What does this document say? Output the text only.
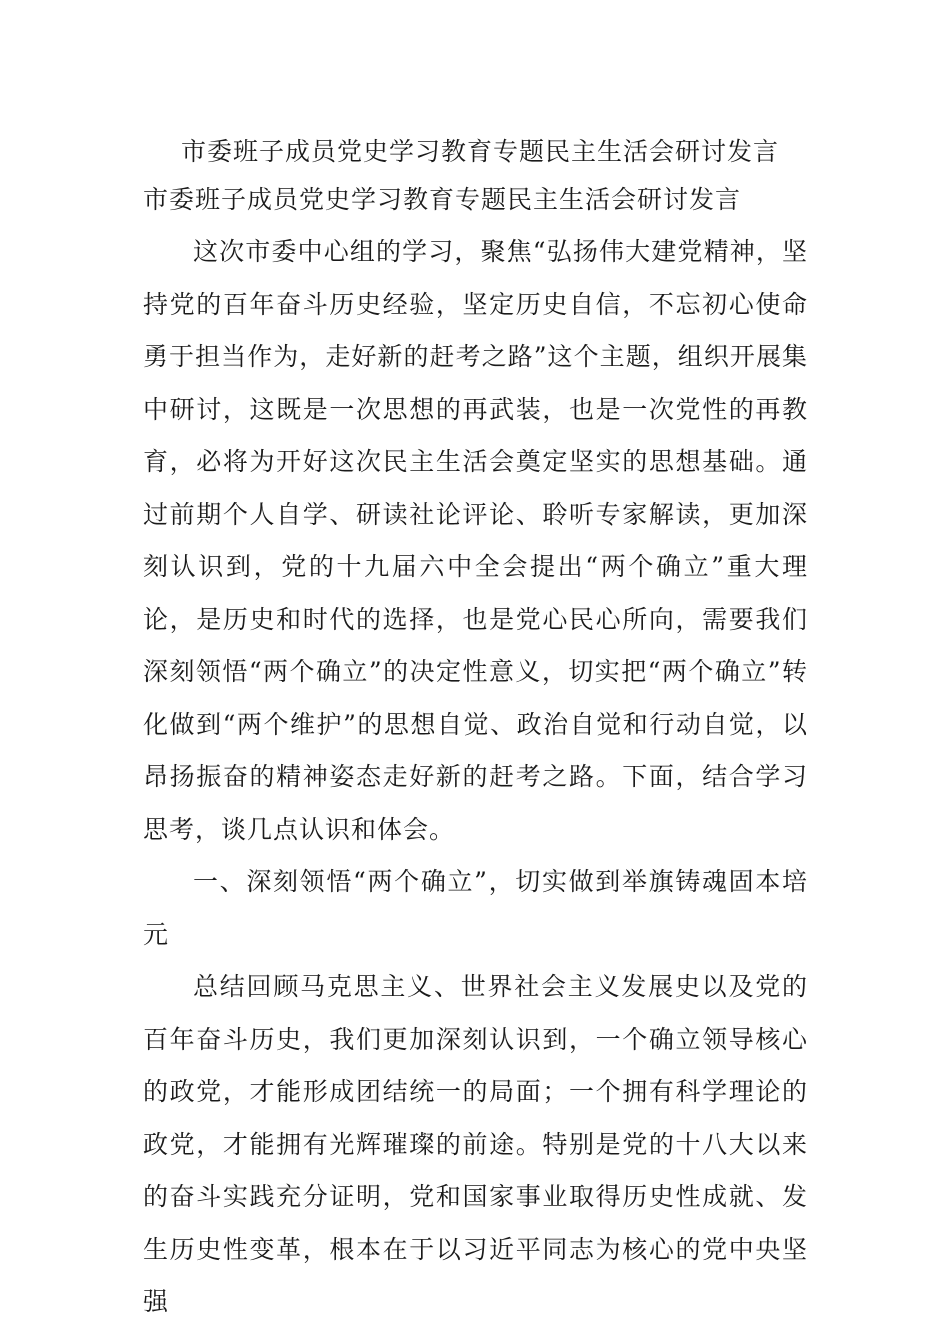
市委班子成员党史学习教育专题民主生活会研讨发言
市委班子成员党史学习教育专题民主生活会研讨发言

这次市委中心组的学习，聚焦“弘扬伟大建党精神，坚持党的百年奋斗历史经验，坚定历史自信，不忘初心使命勇于担当作为，走好新的赶考之路”这个主题，组织开展集中研讨，这既是一次思想的再武装，也是一次党性的再教育，必将为开好这次民主生活会奠定坚实的思想基础。通过前期个人自学、研读社论评论、聆听专家解读，更加深刻认识到，党的十九届六中全会提出“两个确立”重大理论，是历史和时代的选择，也是党心民心所向，需要我们深刻领悟“两个确立”的决定性意义，切实把“两个确立”转化做到“两个维护”的思想自觉、政治自觉和行动自觉，以昂扬振奋的精神姿态走好新的赶考之路。下面，结合学习思考，谈几点认识和体会。

一、深刻领悟“两个确立”，切实做到举旗铸魂固本培元

总结回顾马克思主义、世界社会主义发展史以及党的百年奋斗历史，我们更加深刻认识到，一个确立领导核心的政党，才能形成团结统一的局面；一个拥有科学理论的政党，才能拥有光辉璀璨的前途。特别是党的十八大以来的奋斗实践充分证明，党和国家事业取得历史性成就、发生历史性变革，根本在于以习近平同志为核心的党中央坚强
